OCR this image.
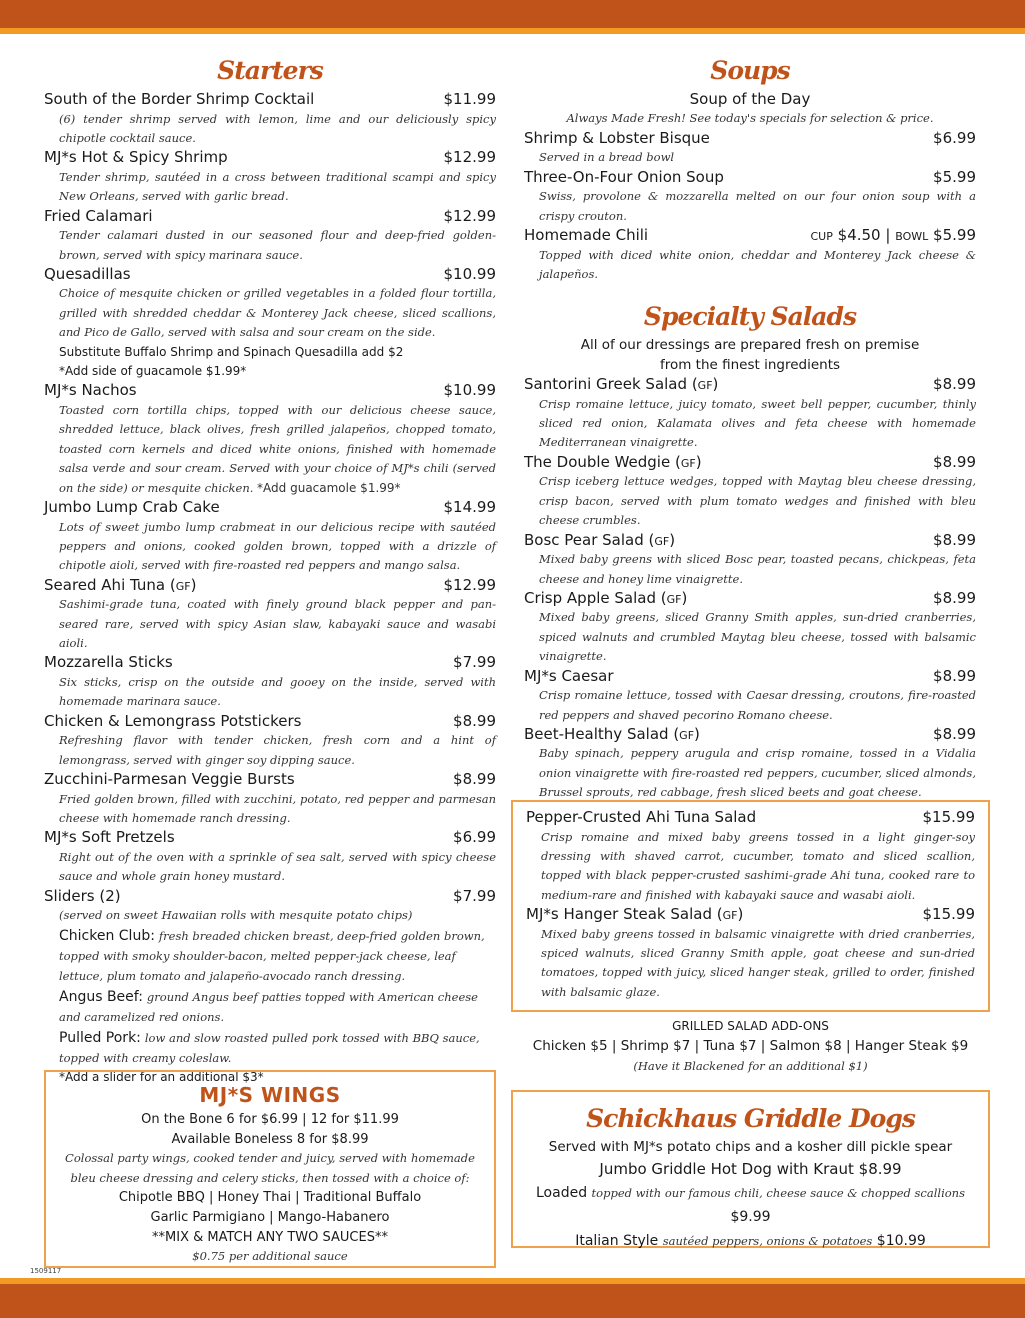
Starters
South of the Border Shrimp Cocktail	$11.99
(6) tender shrimp served with lemon, lime and our deliciously spicy chipotle cocktail sauce.
MJ*s Hot & Spicy Shrimp	$12.99
Tender shrimp, sautéed in a cross between traditional scampi and spicy New Orleans, served with garlic bread.
Fried Calamari	$12.99
Tender calamari dusted in our seasoned flour and deep-fried golden-brown, served with spicy marinara sauce.
Quesadillas	$10.99
Choice of mesquite chicken or grilled vegetables in a folded flour tortilla, grilled with shredded cheddar & Monterey Jack cheese, sliced scallions, and Pico de Gallo, served with salsa and sour cream on the side.
Substitute Buffalo Shrimp and Spinach Quesadilla add $2
*Add side of guacamole $1.99*
MJ*s Nachos	$10.99
Toasted corn tortilla chips, topped with our delicious cheese sauce, shredded lettuce, black olives, fresh grilled jalapeños, chopped tomato, toasted corn kernels and diced white onions, finished with homemade salsa verde and sour cream. Served with your choice of MJ*s chili (served on the side) or mesquite chicken. *Add guacamole $1.99*
Jumbo Lump Crab Cake	$14.99
Lots of sweet jumbo lump crabmeat in our delicious recipe with sautéed peppers and onions, cooked golden brown, topped with a drizzle of chipotle aioli, served with fire-roasted red peppers and mango salsa.
Seared Ahi Tuna (gf)	$12.99
Sashimi-grade tuna, coated with finely ground black pepper and pan-seared rare, served with spicy Asian slaw, kabayaki sauce and wasabi aioli.
Mozzarella Sticks	$7.99
Six sticks, crisp on the outside and gooey on the inside, served with homemade marinara sauce.
Chicken & Lemongrass Potstickers	$8.99
Refreshing flavor with tender chicken, fresh corn and a hint of lemongrass, served with ginger soy dipping sauce.
Zucchini-Parmesan Veggie Bursts	$8.99
Fried golden brown, filled with zucchini, potato, red pepper and parmesan cheese with homemade ranch dressing.
MJ*s Soft Pretzels	$6.99
Right out of the oven with a sprinkle of sea salt, served with spicy cheese sauce and whole grain honey mustard.
Sliders (2)	$7.99
(served on sweet Hawaiian rolls with mesquite potato chips)
Chicken Club: fresh breaded chicken breast, deep-fried golden brown, topped with smoky shoulder-bacon, melted pepper-jack cheese, leaf lettuce, plum tomato and jalapeño-avocado ranch dressing.
Angus Beef: ground Angus beef patties topped with American cheese and caramelized red onions.
Pulled Pork: low and slow roasted pulled pork tossed with BBQ sauce, topped with creamy coleslaw.
*Add a slider for an additional $3*
MJ*S WINGS
On the Bone 6 for $6.99 | 12 for $11.99
Available Boneless 8 for $8.99
Colossal party wings, cooked tender and juicy, served with homemade bleu cheese dressing and celery sticks, then tossed with a choice of:
Chipotle BBQ | Honey Thai | Traditional Buffalo
Garlic Parmigiano | Mango-Habanero
**MIX & MATCH ANY TWO SAUCES**
$0.75 per additional sauce
Soups
Soup of the Day
Always Made Fresh! See today's specials for selection & price.
Shrimp & Lobster Bisque	$6.99
Served in a bread bowl
Three-On-Four Onion Soup	$5.99
Swiss, provolone & mozzarella melted on our four onion soup with a crispy crouton.
Homemade Chili	cup $4.50 | bowl $5.99
Topped with diced white onion, cheddar and Monterey Jack cheese & jalapeños.
Specialty Salads
All of our dressings are prepared fresh on premise
from the finest ingredients
Santorini Greek Salad (gf)	$8.99
Crisp romaine lettuce, juicy tomato, sweet bell pepper, cucumber, thinly sliced red onion, Kalamata olives and feta cheese with homemade Mediterranean vinaigrette.
The Double Wedgie (gf)	$8.99
Crisp iceberg lettuce wedges, topped with Maytag bleu cheese dressing, crisp bacon, served with plum tomato wedges and finished with bleu cheese crumbles.
Bosc Pear Salad (gf)	$8.99
Mixed baby greens with sliced Bosc pear, toasted pecans, chickpeas, feta cheese and honey lime vinaigrette.
Crisp Apple Salad (gf)	$8.99
Mixed baby greens, sliced Granny Smith apples, sun-dried cranberries, spiced walnuts and crumbled Maytag bleu cheese, tossed with balsamic vinaigrette.
MJ*s Caesar	$8.99
Crisp romaine lettuce, tossed with Caesar dressing, croutons, fire-roasted red peppers and shaved pecorino Romano cheese.
Beet-Healthy Salad (gf)	$8.99
Baby spinach, peppery arugula and crisp romaine, tossed in a Vidalia onion vinaigrette with fire-roasted red peppers, cucumber, sliced almonds, Brussel sprouts, red cabbage, fresh sliced beets and goat cheese.
Pepper-Crusted Ahi Tuna Salad	$15.99
Crisp romaine and mixed baby greens tossed in a light ginger-soy dressing with shaved carrot, cucumber, tomato and sliced scallion, topped with black pepper-crusted sashimi-grade Ahi tuna, cooked rare to medium-rare and finished with kabayaki sauce and wasabi aioli.
MJ*s Hanger Steak Salad (gf)	$15.99
Mixed baby greens tossed in balsamic vinaigrette with dried cranberries, spiced walnuts, sliced Granny Smith apple, goat cheese and sun-dried tomatoes, topped with juicy, sliced hanger steak, grilled to order, finished with balsamic glaze.
GRILLED SALAD ADD-ONS
Chicken $5 | Shrimp $7 | Tuna $7 | Salmon $8 | Hanger Steak $9
(Have it Blackened for an additional $1)
Schickhaus Griddle Dogs
Served with MJ*s potato chips and a kosher dill pickle spear
Jumbo Griddle Hot Dog with Kraut $8.99
Loaded topped with our famous chili, cheese sauce & chopped scallions $9.99
Italian Style sautéed peppers, onions & potatoes $10.99
1509117
